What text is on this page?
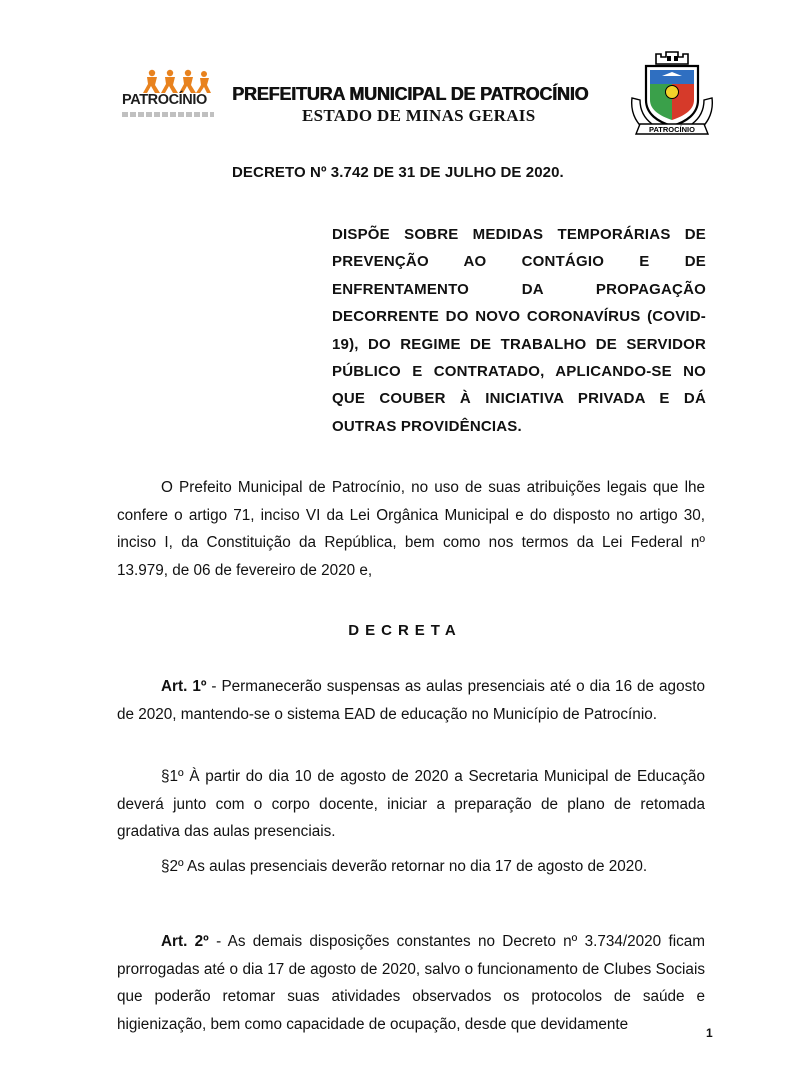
PATROCÍNIO PREFEITURA MUNICIPAL DE PATROCÍNIO
ESTADO DE MINAS GERAIS
PATROCÍNIO
DECRETO Nº 3.742 DE 31 DE JULHO DE 2020.
DISPÕE SOBRE MEDIDAS TEMPORÁRIAS DE PREVENÇÃO AO CONTÁGIO E DE ENFRENTAMENTO DA PROPAGAÇÃO DECORRENTE DO NOVO CORONAVÍRUS (COVID-19), DO REGIME DE TRABALHO DE SERVIDOR PÚBLICO E CONTRATADO, APLICANDO-SE NO QUE COUBER À INICIATIVA PRIVADA E DÁ OUTRAS PROVIDÊNCIAS.

O Prefeito Municipal de Patrocínio, no uso de suas atribuições legais que lhe confere o artigo 71, inciso VI da Lei Orgânica Municipal e do disposto no artigo 30, inciso I, da Constituição da República, bem como nos termos da Lei Federal nº 13.979, de 06 de fevereiro de 2020 e,

DECRETA

Art. 1º - Permanecerão suspensas as aulas presenciais até o dia 16 de agosto de 2020, mantendo-se o sistema EAD de educação no Município de Patrocínio.

§1º À partir do dia 10 de agosto de 2020 a Secretaria Municipal de Educação deverá junto com o corpo docente, iniciar a preparação de plano de retomada gradativa das aulas presenciais.

§2º As aulas presenciais deverão retornar no dia 17 de agosto de 2020.

Art. 2º - As demais disposições constantes no Decreto nº 3.734/2020 ficam prorrogadas até o dia 17 de agosto de 2020, salvo o funcionamento de Clubes Sociais que poderão retomar suas atividades observados os protocolos de saúde e higienização, bem como capacidade de ocupação, desde que devidamente

1
